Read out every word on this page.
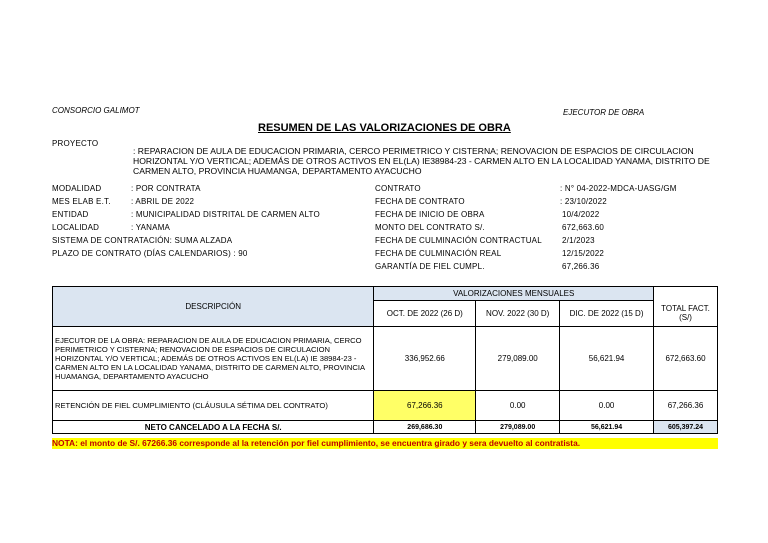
CONSORCIO GALIMOT	EJECUTOR DE OBRA
RESUMEN DE LAS VALORIZACIONES DE OBRA
PROYECTO
: REPARACION DE AULA DE EDUCACION PRIMARIA, CERCO PERIMETRICO Y CISTERNA; RENOVACION DE ESPACIOS DE CIRCULACION HORIZONTAL Y/O VERTICAL; ADEMÁS DE OTROS ACTIVOS EN EL(LA) IE38984-23 - CARMEN ALTO EN LA LOCALIDAD YANAMA, DISTRITO DE CARMEN ALTO, PROVINCIA HUAMANGA, DEPARTAMENTO AYACUCHO
MODALIDAD	: POR CONTRATA
MES ELAB E.T.	: ABRIL DE 2022
ENTIDAD	: MUNICIPALIDAD DISTRITAL DE CARMEN ALTO
LOCALIDAD	: YANAMA
SISTEMA DE CONTRATACIÓN: SUMA ALZADA
PLAZO DE CONTRATO (DÍAS CALENDARIOS) : 90
CONTRATO	: N° 04-2022-MDCA-UASG/GM
FECHA DE CONTRATO	: 23/10/2022
FECHA DE INICIO DE OBRA	10/4/2022
MONTO DEL CONTRATO S/.	672,663.60
FECHA DE CULMINACIÓN CONTRACTUAL	2/1/2023
FECHA DE CULMINACIÓN REAL	12/15/2022
GARANTÍA DE FIEL CUMPL.	67,266.36
DESCRIPCIÓN	VALORIZACIONES MENSUALES			
	OCT. DE 2022 (26 D)	NOV. 2022 (30 D)	DIC. DE 2022 (15 D)	TOTAL FACT. (S/)
EJECUTOR DE LA OBRA: REPARACION DE AULA DE EDUCACION PRIMARIA, CERCO PERIMETRICO Y CISTERNA; RENOVACION DE ESPACIOS DE CIRCULACION HORIZONTAL Y/O VERTICAL; ADEMÁS DE OTROS ACTIVOS EN EL(LA) IE 38984-23 - CARMEN ALTO EN LA LOCALIDAD YANAMA, DISTRITO DE CARMEN ALTO, PROVINCIA HUAMANGA, DEPARTAMENTO AYACUCHO	336,952.66	279,089.00	56,621.94	672,663.60
RETENCIÓN DE FIEL CUMPLIMIENTO (CLÁUSULA SÉTIMA DEL CONTRATO)	67,266.36	0.00	0.00	67,266.36
NETO CANCELADO A LA FECHA S/.	269,686.30	279,089.00	56,621.94	605,397.24
NOTA: el monto de S/. 67266.36 corresponde al la retención por fiel cumplimiento, se encuentra girado y sera devuelto al contratista.
